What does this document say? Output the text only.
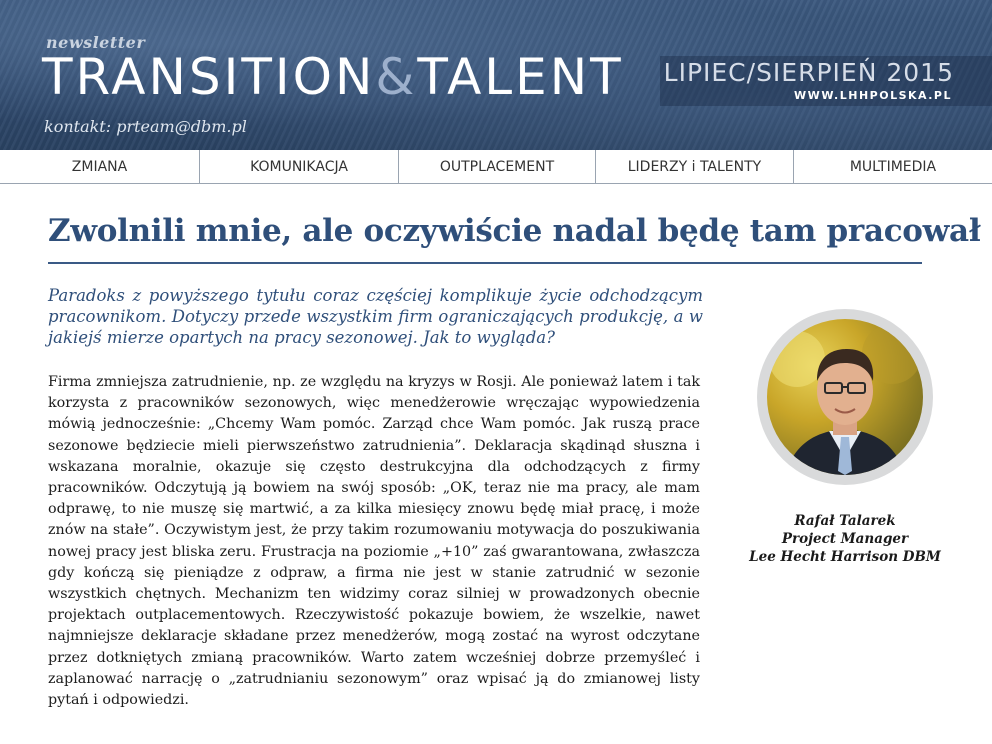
newsletter
TRANSITION&TALENT LIPIEC/SIERPIEŃ 2015
WWW.LHHPOLSKA.PL
kontakt: prteam@dbm.pl
ZMIANA	KOMUNIKACJA	OUTPLACEMENT	LIDERZY i TALENTY	MULTIMEDIA
Zwolnili mnie, ale oczywiście nadal będę tam pracował

Paradoks z powyższego tytułu coraz częściej komplikuje życie odchodzącym pracownikom. Dotyczy przede wszystkim firm ograniczających produkcję, a w jakiejś mierze opartych na pracy sezonowej. Jak to wygląda?

Firma zmniejsza zatrudnienie, np. ze względu na kryzys w Rosji. Ale ponieważ latem i tak korzysta z pracowników sezonowych, więc menedżerowie wręczając wypowiedzenia mówią jednocześnie: „Chcemy Wam pomóc. Zarząd chce Wam pomóc. Jak ruszą prace sezonowe będziecie mieli pierwszeństwo zatrudnienia”. Deklaracja skądinąd słuszna i wskazana moralnie, okazuje się często destrukcyjna dla odchodzących z firmy pracowników. Odczytują ją bowiem na swój sposób: „OK, teraz nie ma pracy, ale mam odprawę, to nie muszę się martwić, a za kilka miesięcy znowu będę miał pracę, i może znów na stałe”. Oczywistym jest, że przy takim rozumowaniu motywacja do poszukiwania nowej pracy jest bliska zeru. Frustracja na poziomie „+10” zaś gwarantowana, zwłaszcza gdy kończą się pieniądze z odpraw, a firma nie jest w stanie zatrudnić w sezonie wszystkich chętnych. Mechanizm ten widzimy coraz silniej w prowadzonych obecnie projektach outplacementowych. Rzeczywistość pokazuje bowiem, że wszelkie, nawet najmniejsze deklaracje składane przez menedżerów, mogą zostać na wyrost odczytane przez dotkniętych zmianą pracowników. Warto zatem wcześniej dobrze przemyśleć i zaplanować narrację o „zatrudnianiu sezonowym” oraz wpisać ją do zmianowej listy pytań i odpowiedzi.

Rafał Talarek
Project Manager
Lee Hecht Harrison DBM
